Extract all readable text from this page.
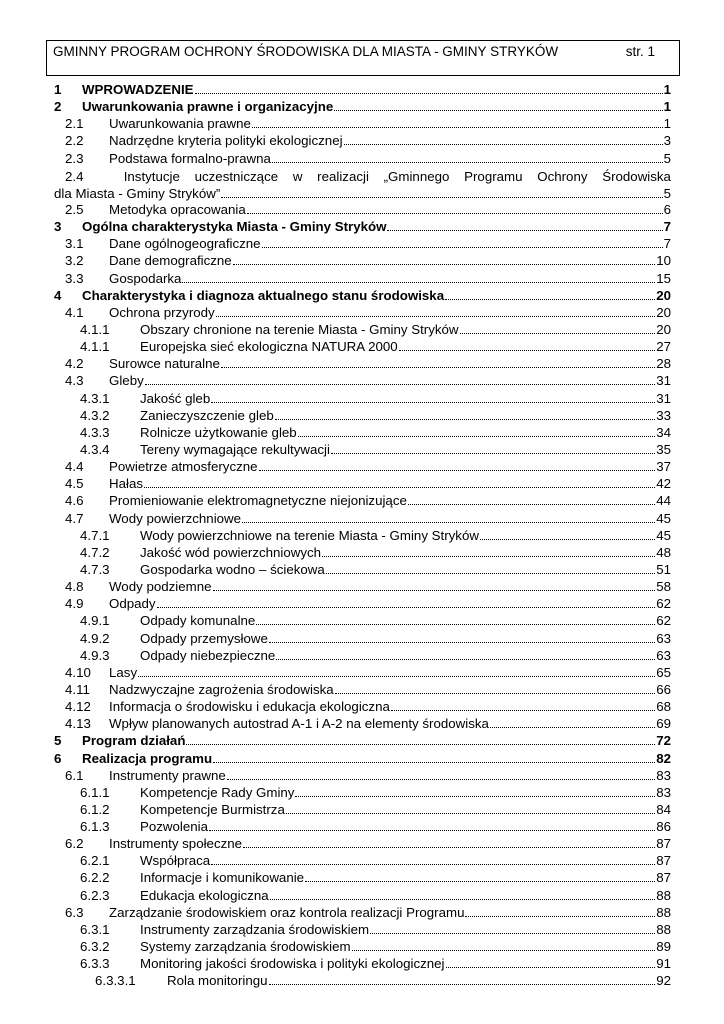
GMINNY PROGRAM OCHRONY ŚRODOWISKA DLA MIASTA - GMINY STRYKÓW	str. 1
1	WPROWADZENIE	1
2	Uwarunkowania prawne i organizacyjne	1
2.1	Uwarunkowania prawne	1
2.2	Nadrzędne kryteria polityki ekologicznej	3
2.3	Podstawa formalno-prawna	5
2.4	Instytucje uczestniczące w realizacji „Gminnego Programu Ochrony Środowiska
dla Miasta - Gminy Stryków”	5
2.5	Metodyka opracowania	6
3	Ogólna charakterystyka Miasta - Gminy Stryków	7
3.1	Dane ogólnogeograficzne	7
3.2	Dane demograficzne	10
3.3	Gospodarka	15
4	Charakterystyka i diagnoza aktualnego stanu środowiska	20
4.1	Ochrona przyrody	20
4.1.1	Obszary chronione na terenie Miasta - Gminy Stryków	20
4.1.1	Europejska sieć ekologiczna NATURA 2000	27
4.2	Surowce naturalne	28
4.3	Gleby	31
4.3.1	Jakość gleb	31
4.3.2	Zanieczyszczenie gleb	33
4.3.3	Rolnicze użytkowanie gleb	34
4.3.4	Tereny wymagające rekultywacji	35
4.4	Powietrze atmosferyczne	37
4.5	Hałas	42
4.6	Promieniowanie elektromagnetyczne niejonizujące	44
4.7	Wody powierzchniowe	45
4.7.1	Wody powierzchniowe na terenie Miasta - Gminy Stryków	45
4.7.2	Jakość wód powierzchniowych	48
4.7.3	Gospodarka wodno – ściekowa	51
4.8	Wody podziemne	58
4.9	Odpady	62
4.9.1	Odpady komunalne	62
4.9.2	Odpady przemysłowe	63
4.9.3	Odpady niebezpieczne	63
4.10	Lasy	65
4.11	Nadzwyczajne zagrożenia środowiska	66
4.12	Informacja o środowisku i edukacja ekologiczna	68
4.13	Wpływ planowanych autostrad A-1 i A-2 na elementy środowiska	69
5	Program działań	72
6	Realizacja programu	82
6.1	Instrumenty prawne	83
6.1.1	Kompetencje Rady Gminy	83
6.1.2	Kompetencje Burmistrza	84
6.1.3	Pozwolenia	86
6.2	Instrumenty społeczne	87
6.2.1	Współpraca	87
6.2.2	Informacje i komunikowanie	87
6.2.3	Edukacja ekologiczna	88
6.3	Zarządzanie środowiskiem oraz kontrola realizacji Programu	88
6.3.1	Instrumenty zarządzania środowiskiem	88
6.3.2	Systemy zarządzania środowiskiem	89
6.3.3	Monitoring jakości środowiska i polityki ekologicznej	91
6.3.3.1	Rola monitoringu	92
